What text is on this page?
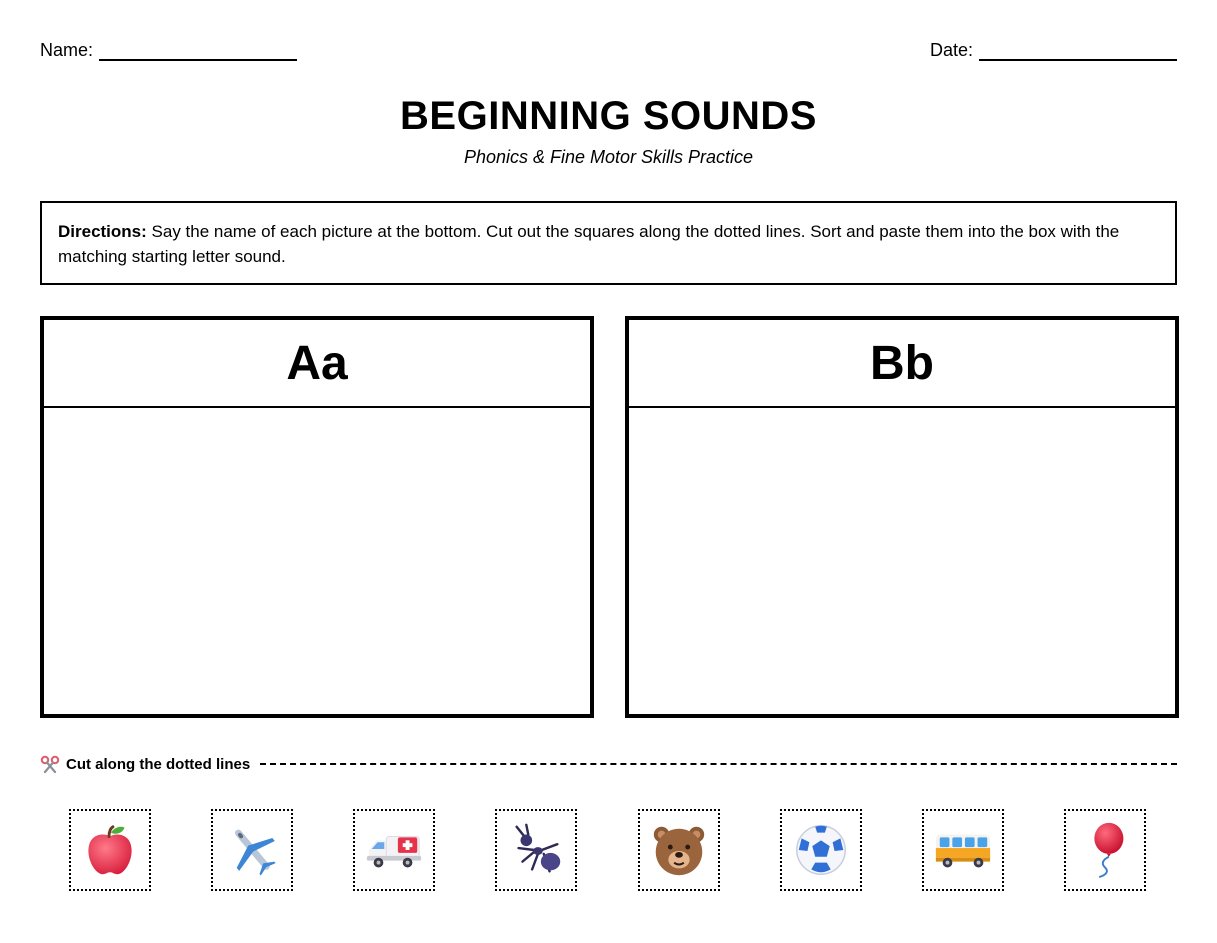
Name:	Date:
BEGINNING SOUNDS
Phonics & Fine Motor Skills Practice
Directions: Say the name of each picture at the bottom. Cut out the squares along the dotted lines. Sort and paste them into the box with the matching starting letter sound.
Aa	Bb
Cut along the dotted lines
